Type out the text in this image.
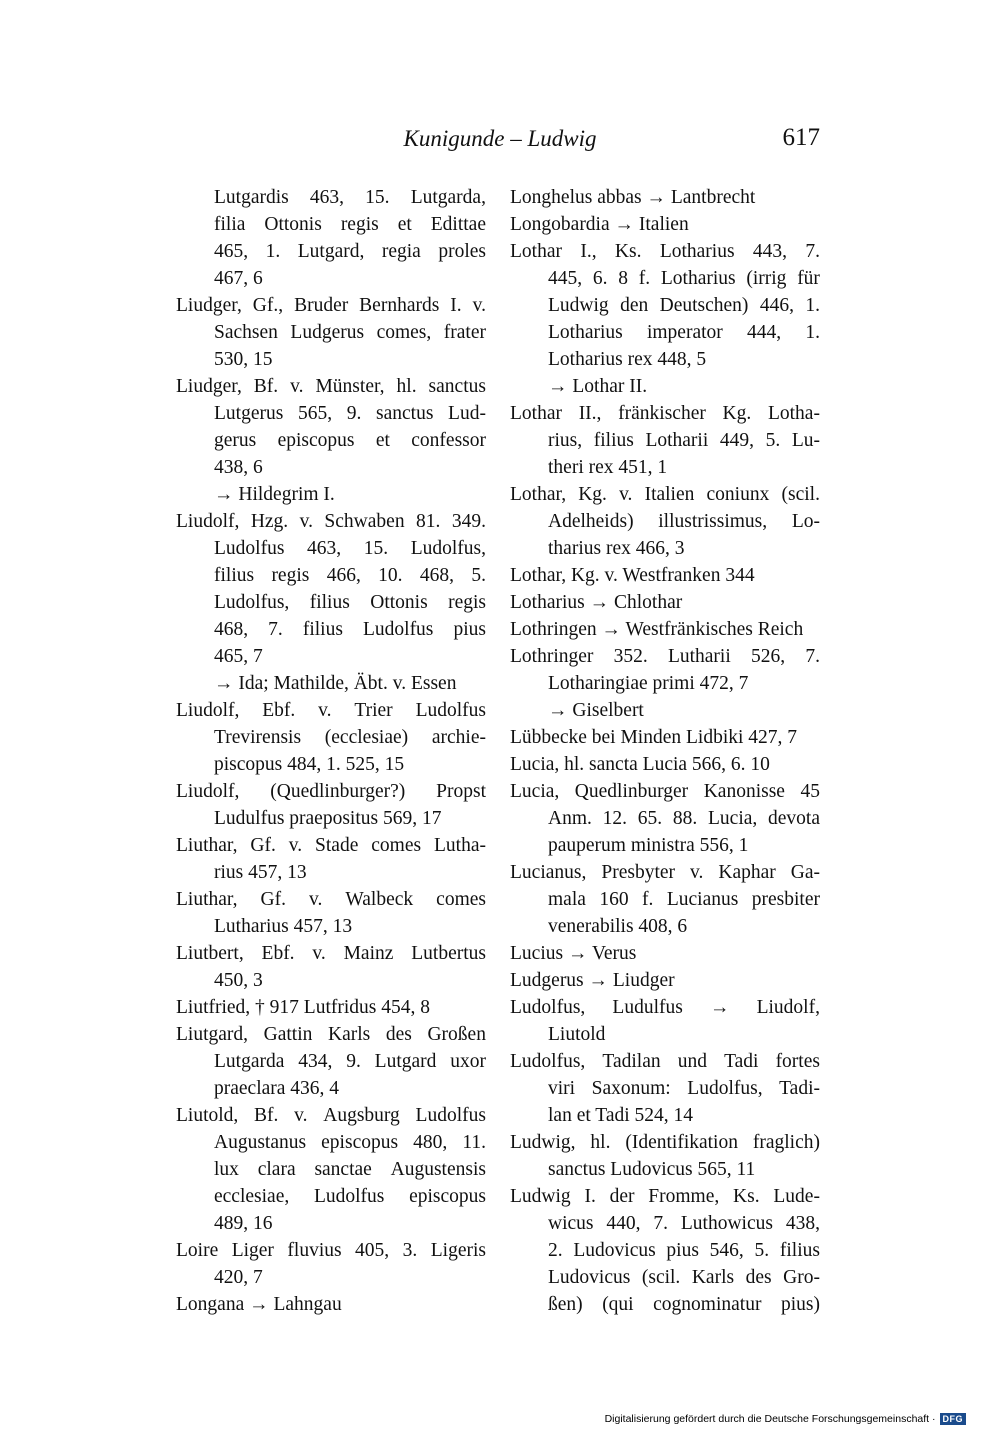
Kunigunde – Ludwig	617
Lutgardis 463, 15. Lutgarda,
filia Ottonis regis et Edittae
465, 1. Lutgard, regia proles
467, 6
Liudger, Gf., Bruder Bernhards I. v.
Sachsen Ludgerus comes, frater
530, 15
Liudger, Bf. v. Münster, hl. sanctus
Lutgerus 565, 9. sanctus Lud-
gerus episcopus et confessor
438, 6
→ Hildegrim I.
Liudolf, Hzg. v. Schwaben 81. 349.
Ludolfus 463, 15. Ludolfus,
filius regis 466, 10. 468, 5.
Ludolfus, filius Ottonis regis
468, 7. filius Ludolfus pius
465, 7
→ Ida; Mathilde, Äbt. v. Essen
Liudolf, Ebf. v. Trier Ludolfus
Trevirensis (ecclesiae) archie-
piscopus 484, 1. 525, 15
Liudolf, (Quedlinburger?) Propst
Ludulfus praepositus 569, 17
Liuthar, Gf. v. Stade comes Lutha-
rius 457, 13
Liuthar, Gf. v. Walbeck comes
Lutharius 457, 13
Liutbert, Ebf. v. Mainz Lutbertus
450, 3
Liutfried, † 917 Lutfridus 454, 8
Liutgard, Gattin Karls des Großen
Lutgarda 434, 9. Lutgard uxor
praeclara 436, 4
Liutold, Bf. v. Augsburg Ludolfus
Augustanus episcopus 480, 11.
lux clara sanctae Augustensis
ecclesiae, Ludolfus episcopus
489, 16
Loire Liger fluvius 405, 3. Ligeris
420, 7
Longana → Lahngau
Longhelus abbas → Lantbrecht
Longobardia → Italien
Lothar I., Ks. Lotharius 443, 7.
445, 6. 8 f. Lotharius (irrig für
Ludwig den Deutschen) 446, 1.
Lotharius imperator 444, 1.
Lotharius rex 448, 5
→ Lothar II.
Lothar II., fränkischer Kg. Lotha-
rius, filius Lotharii 449, 5. Lu-
theri rex 451, 1
Lothar, Kg. v. Italien coniunx (scil.
Adelheids) illustrissimus, Lo-
tharius rex 466, 3
Lothar, Kg. v. Westfranken 344
Lotharius → Chlothar
Lothringen → Westfränkisches Reich
Lothringer 352. Lutharii 526, 7.
Lotharingiae primi 472, 7
→ Giselbert
Lübbecke bei Minden Lidbiki 427, 7
Lucia, hl. sancta Lucia 566, 6. 10
Lucia, Quedlinburger Kanonisse 45
Anm. 12. 65. 88. Lucia, devota
pauperum ministra 556, 1
Lucianus, Presbyter v. Kaphar Ga-
mala 160 f. Lucianus presbiter
venerabilis 408, 6
Lucius → Verus
Ludgerus → Liudger
Ludolfus, Ludulfus → Liudolf,
Liutold
Ludolfus, Tadilan und Tadi fortes
viri Saxonum: Ludolfus, Tadi-
lan et Tadi 524, 14
Ludwig, hl. (Identifikation fraglich)
sanctus Ludovicus 565, 11
Ludwig I. der Fromme, Ks. Lude-
wicus 440, 7. Luthowicus 438,
2. Ludovicus pius 546, 5. filius
Ludovicus (scil. Karls des Gro-
ßen) (qui cognominatur pius)
Digitalisierung gefördert durch die Deutsche Forschungsgemeinschaft · DFG
